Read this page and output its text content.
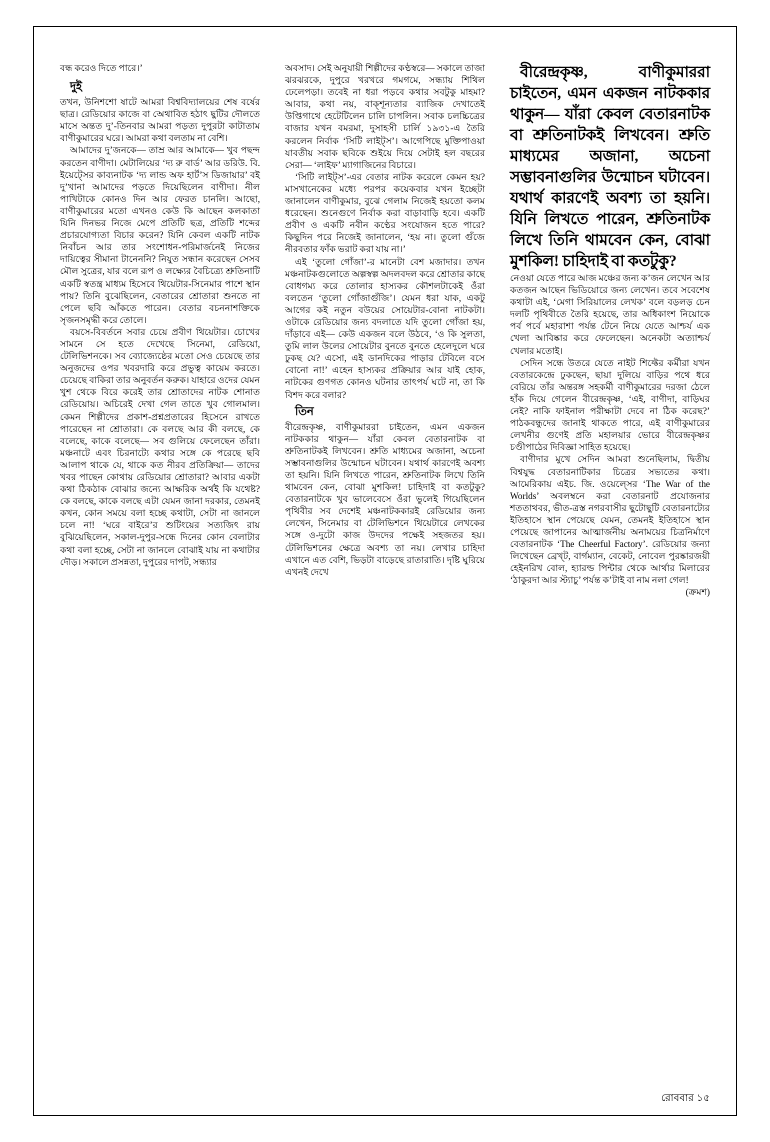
বন্ধ করেও দিতে পারে।’

দুই

তখন, উনিশশো ষাটে আমরা বিশ্ববিদ্যালয়ের শেষ বর্ষের ছাত্র। রেডিয়োর কাজে বা অেথাবিত হঠাৎ ছুটির দৌলতে মাসে অন্তত দু’-তিনবার আমরা পড়ত্য দুপুরটা কাটাতাম বাণীকুমারের ঘরে। আমরা কথা বলতাম না বেশি।

আমাদের দু’জনকে— তাম্র আর আমাকে— খুব পছন্দ করতেন বাণীদা। মেটালিয়ের ‘দ্য রু বার্ড’ আর ডরিউ. বি. ইয়েট্সের কাব্যনাটক ‘দ্য লান্ড অফ হার্ট’স ডিজায়ার’ বই দু’খানা আমাদের পড়তে দিয়েছিলেন বাণীদা। নীল পাখিটাকে কোনও দিন আর ফেরত চানলি। আছো, বাণীকুমারের মতো এখনও কেউ কি আছেন কলকাতা যিনি দিনভর নিজে মেপে প্রতিটি ছত্র, প্রতিটি শব্দের প্রচারযোগ্যতা বিচার করেন? যিনি কেবল একটি নাটক নিবাঁচন আর তার সংশোধন-পরিমার্জনেই নিজের দায়িত্বের সীমানা টানেননি? নিযুত সন্ধান করেছেন সেসব মৌল সুত্রের, যার বলে রূপ ও লক্ষ্যের বৈচিত্র্যে শ্রুতিনাটি একটি স্বতন্ত্র মাধ্যম হিসেবে থিয়েটার-সিনেমার পাশে স্থান পায়? তিনি বুঝেছিলেন, বেতারের শ্রোতারা শুনতে না পেলে ছবি আঁকতে পারেন। বেতার বচননাশক্তিকে সৃজনসমৃদ্ধী করে তোলে।

বয়সে-বিবর্তনে সবার চেয়ে প্রবীণ থিয়েটার। চোখের সামনে সে হতে দেখেছে সিনেমা, রেডিয়ো, টেলিভিশনকে। সব ব্যোজ্যেষ্ঠের মতো সেও চেয়েছে তার অনুজদের ওপর খবরদারি করে প্রভুত্ব কায়েম করতে। চেয়েছে বাকিরা তার অনুবর্তন করুক। যাহারে ওদের যেমন খুশ থেকে বিরে করেই তার শ্রোতাদের নাটক শোনাত রেডিয়োয়। অচিরেই দেখা গেল তাতে খুব গোলমাল। কেমন শিল্পীদের প্রকাশ-প্রশ্নপ্রতারের হিসেনে রাখতে পারেছেন না শ্রোতারা। কে বলছে আর কী বলছে, কে বলেছে, কাকে বলেছে— সব গুলিয়ে ফেলেছেন তাঁরা। মঞ্চনাটে এবং চিরনাট্যে কথার সঙ্গে কে পরেছে ছবি আলাপ থাকে যে, থাকে কত নীরব প্রতিক্রিয়া— তাদের খবর পাছেন কোথায় রেডিয়োর শ্রোতারা? আবার একটা কথা ঠিকঠাক বোঝার জন্যে আক্ষরিক অর্থই কি যথেষ্ট? কে বলছে, কাকে বলছে এটা যেমন জানা দরকার, তেমনই কখন, কোন সময়ে বলা হচ্ছে কথাটা, সেটা না জানলে চলে না! ‘ঘরে বাইরে’র শুটিংয়ের সত্যজিৎ রায় বুঝিয়েছিলেন, সকাল-দুপুর-সন্ধে দিনের কোন বেলাটার কথা বলা হচ্ছে, সেটা না জানলে বোঝাই যায় না কথাটার দৌড়। সকালে প্রসন্নতা, দুপুরের দাপট, সন্ধ্যার

অবসাদ। সেই অনুযায়ী শিল্পীদের কণ্ঠস্বরে— সকালে তাজা ঝরঝরকে, দুপুরে খরখরে গমগমে, সন্ধ্যায় শিথিল ঢেলেপড়া। তবেই না ধরা পড়বে কথার সবটুকু মাহমা? আবার, কথা নয়, বাক্শূন্যতার ব্যাজিক দেখাতেই উপ্তিগাথে হেটেটিলেন চালি চাপলিন। সবাক চলচ্চিত্রের বাজার যখন বমরমা, দুসাহসী চার্লি ১৯৩১-এ তৈরি করলেন নির্বাক ‘সিটি লাইট্স’। আগেপিছে মুক্তিপাওয়া যাবতীয় সবাক ছবিকে শুইয়ে দিয়ে সেটাই হল বছরের সেরা— ‘লাইফ’ ম্যাগাজিনের বিচারে।

‘সিটি লাইট্স’-এর বেতার নাটক করেলে কেমন হয়? মাসখানেকের মধ্যে পরপর কয়েকবার যখন ইচ্ছেটা জানালেন বাণীকুমার, বুঝে গেলাম নিজেই হয়তো কলম ধরেছেন। শুনেগুণে নির্বাক করা বাড়াবাড়ি হবে। একটি প্রবীণ ও একটি নবীন কণ্ঠের সংযোজন হতে পারে? কিছুদিন পরে নিজেই জানালেন, ‘হয় না। তুলো গুঁজে নীরবতার ফাঁক ভরাট করা যায় না।’

এই ‘তুলো গোঁজা’-র মানেটা বেশ মজাদার। তখন মঞ্চনাটকগুলোতে অল্পস্বল্প অদলবদল করে শ্রোতার কাছে বোধগম্য করে তোলার হাস্যকর কৌশলটাকেই ওঁরা বলতেন ‘তুলো গোঁজাগুঁজি’। যেমন ধরা যাক, একটু আগের কই নতুন বউয়ের সোয়েটার-বোনা নাটকটা। ওটাকে রেডিয়োর জন্য বদলাতে যদি তুলো গোঁজা হয়, দাঁড়াবে এই— কেউ একজন বলে উঠবে, ‘ও কি সুলতা, তুমি লাল উলের সোয়েটার বুনতে বুনতে হেলেদুলে ঘরে ঢুকছ যে? এসো, এই ডানদিকের পাড়ার টেবিলে বসে বোনো না!’ এহেন হাস্যকর প্রক্রিয়ার আর যাই হোক, নাটকের গুণগত কোনও ঘটনার তাৎপর্য ঘটে না, তা কি বিশদ করে বলার?

তিন

বীরেন্দ্রকৃষ্ণ, বাণীকুমাররা চাইতেন, এমন একজন নাটককার থাকুন— যাঁরা কেবল বেতারনাটক বা শ্রুতিনাটকই লিখবেন। শ্রুতি মাধ্যমের অজানা, অচেনা সম্ভাবনাগুলির উন্মোচন ঘটাবেন। যথার্থ কারণেই অবশ্য তা হয়নি। যিনি লিখতে পারেন, শ্রুতিনাটক লিখে তিনি থামবেন কেন, বোঝা মুশকিল! চাহিদাই বা কতটুকু? বেতারনাটকে খুব ভালেবেসে ওঁরা ভুলেই গিয়েছিলেন পৃথিবীর সব দেশেই মঞ্চনাটককারই রেডিয়োর জন্য লেখেন, সিনেমার বা টেলিভিশনে থিয়েটারে লেখকের সঙ্গে ও-দুটো কাজ উদদের পক্ষেই সহজতর হয়। টেলিভিশনের ক্ষেত্রে অবশ্য তা নয়। লেখার চাহিদা এখানে এত বেশি, ভিড়টা বাড়েছে রাতারাতি। দৃষ্টি ঘুরিয়ে এখনই দেখে

বীরেন্দ্রকৃষ্ণ, বাণীকুমাররা চাইতেন, এমন একজন নাটককার থাকুন— যাঁরা কেবল বেতারনাটক বা শ্রুতিনাটকই লিখবেন। শ্রুতি মাধ্যমের অজানা, অচেনা সম্ভাবনাগুলির উন্মোচন ঘটাবেন। যথার্থ কারণেই অবশ্য তা হয়নি। যিনি লিখতে পারেন, শ্রুতিনাটক লিখে তিনি থামবেন কেন, বোঝা মুশকিল! চাহিদাই বা কতটুকু?

নেওয়া যেতে পারে আজ মঞ্চের জন্য ক’জন লেখেন আর কতজন আছেন ভিডিয়োরে জন্য লেখেন। তবে সবেশেষ কথাটা এই, ‘মেগা সিরিয়ালের লেখক’ বলে বড়লড় চেন দলটি পৃথিবীতে তৈরি হয়েছে, তার অধিকাংশ নিয়োকে পর্ব পর্বে মহারাশা পর্যন্ত টেনে নিয়ে যেতে আশ্চর্য এক খেলা আবিষ্কার করে ফেলেছেন। অনেকটা অত্যাশ্চর্য খেলার মতোই।

সেদিন সন্ধে উতরে যেতে নাইট শিফ্টের কর্মীরা যখন বেতারকেন্দ্রে ঢুকছেন, ছায়া দুলিয়ে বাড়ির পথে ধরে বেরিয়ে তাঁর অন্তরঙ্গ সহকর্মী বাণীকুমারের দরজা ঠেলে হাঁক দিয়ে গেলেন বীরেন্দ্রকৃষ্ণ, ‘এই, বাণীদা, বাড়িঘর নেই? নাকি ফাইনাল পরীক্ষাটা দেবে না ঠিক করেছ?’ পাঠকবন্ধুদের জানাই থাকতে পারে, এই বাণীকুমারের লেখনীর গুণেই প্রতি মহালয়ার ভোরে বীরেন্দ্রকৃষ্ণর চণ্ডীপাঠের দিবিজ্ঞা সাহিত হয়েছে।

বাণীদার মুখে সেদিন আমরা শুনেছিলাম, দ্বিতীয় বিশ্বযুদ্ধ বেতারনাটিকার চিত্রের সভ্যতের কথা। আমেরিকায় এইচ. জি. ওয়েল্সের ‘The War of the Worlds’ অবলম্বনে করা বেতারনাট প্রযোজনার শততাথবর, ভীত-ত্রস্ত নগরবাসীর ছুটোছুটি বেতারনাট্যের ইতিহাসে স্থান পেয়েছে যেমন, তেমনই ইতিহাসে স্থান পেয়েছে জাপানের আত্মার্জনীয় অনাময়ের চিত্রনির্মাণে বেতারনাটক ‘The Cheerful Factory’. রেডিয়োর জন্যা লিখেছেন ব্রেখ্ট, বার্গম্যান, বেকেট, নোবেল পুরষ্কারজয়ী হেইনরিখ বোল, হ্যারল্ড পিন্টার থেকে আর্থার মিলারের ‘ঠাকুরদা আর স্ট্যাচু’ পর্যন্ত ক’টাই বা নাম নলা গেল!

(ক্রমশ)

রোববার ১৫
